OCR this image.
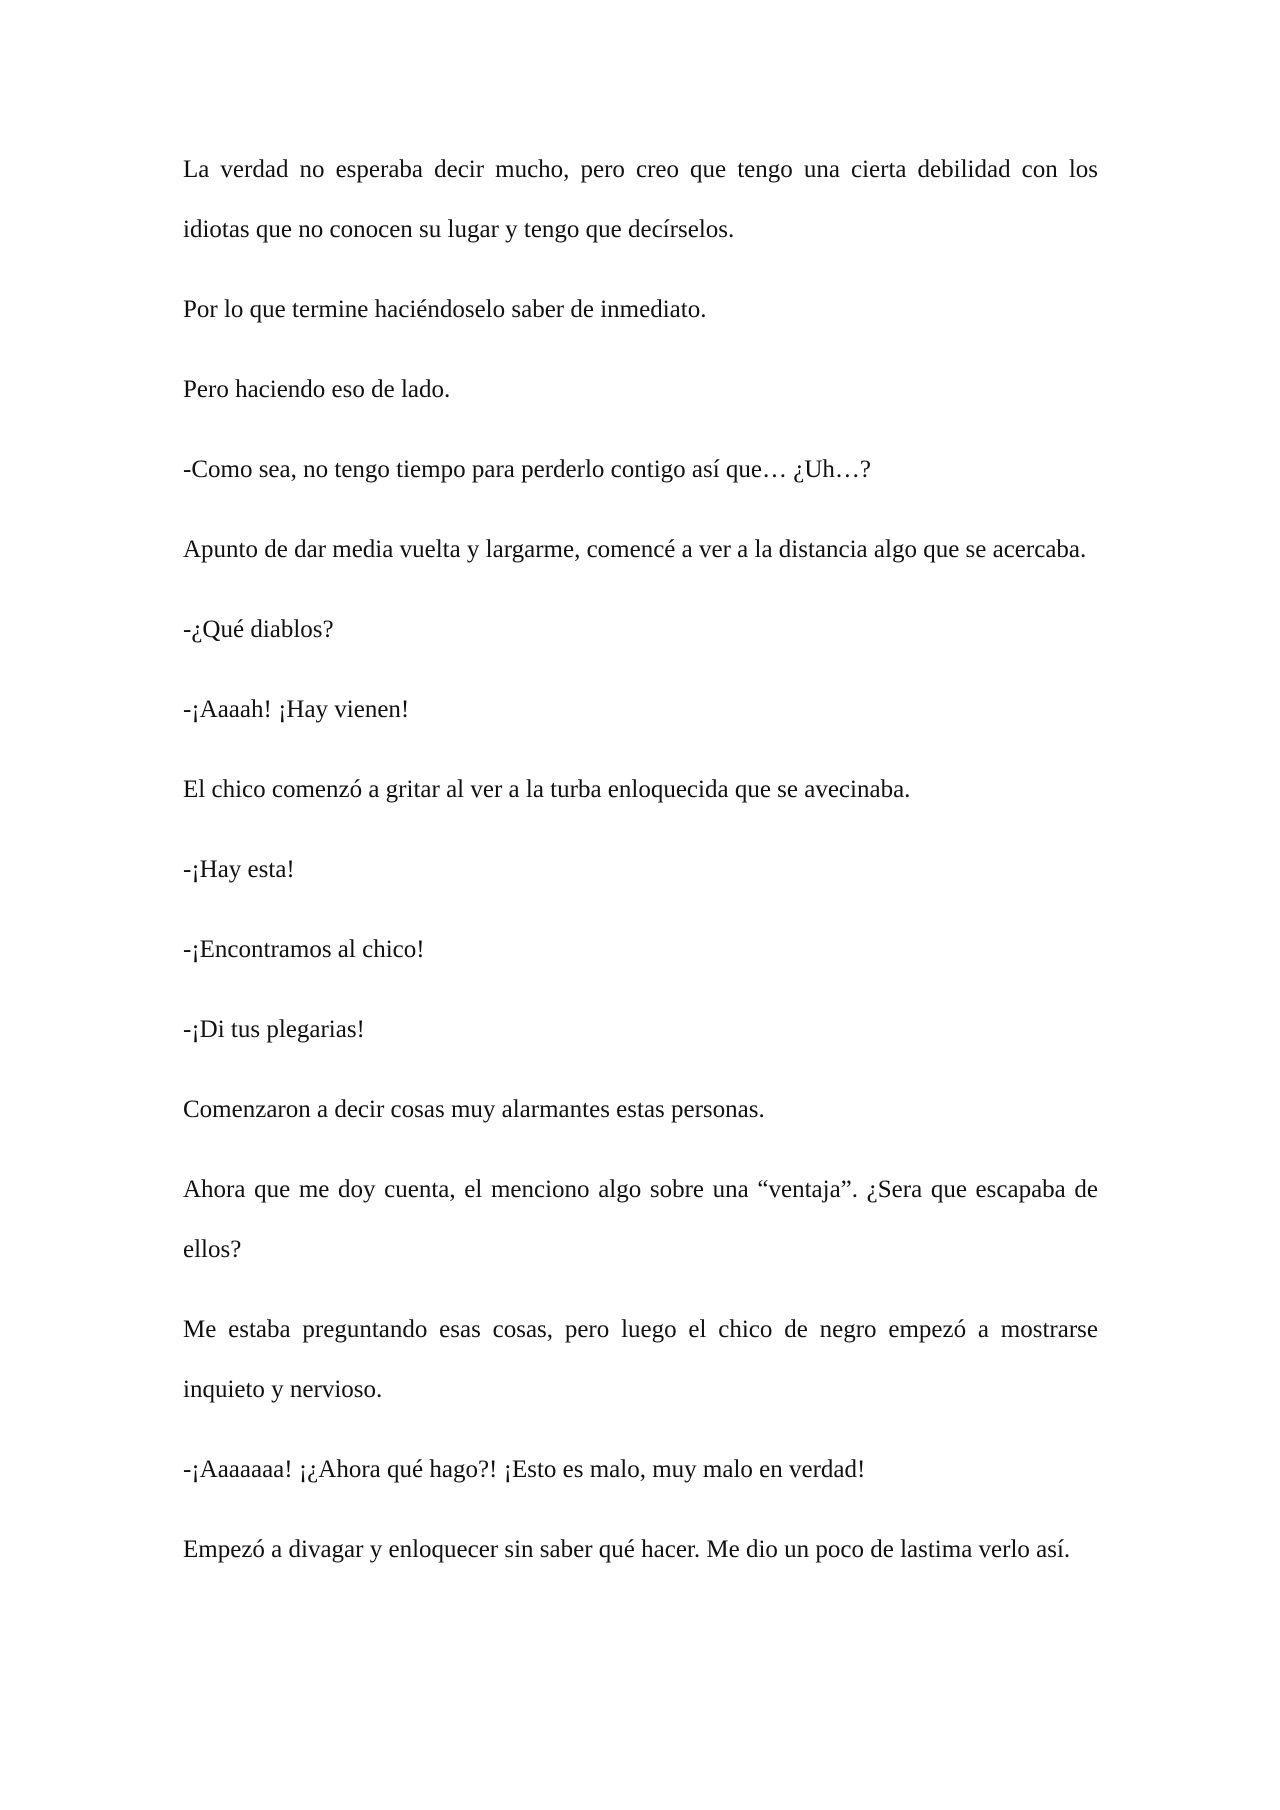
La verdad no esperaba decir mucho, pero creo que tengo una cierta debilidad con los idiotas que no conocen su lugar y tengo que decírselos.

Por lo que termine haciéndoselo saber de inmediato.

Pero haciendo eso de lado.

-Como sea, no tengo tiempo para perderlo contigo así que… ¿Uh…?

Apunto de dar media vuelta y largarme, comencé a ver a la distancia algo que se acercaba.

-¿Qué diablos?

-¡Aaaah! ¡Hay vienen!

El chico comenzó a gritar al ver a la turba enloquecida que se avecinaba.

-¡Hay esta!

-¡Encontramos al chico!

-¡Di tus plegarias!

Comenzaron a decir cosas muy alarmantes estas personas.

Ahora que me doy cuenta, el menciono algo sobre una “ventaja”. ¿Sera que escapaba de ellos?

Me estaba preguntando esas cosas, pero luego el chico de negro empezó a mostrarse inquieto y nervioso.

-¡Aaaaaaa! ¡¿Ahora qué hago?! ¡Esto es malo, muy malo en verdad!

Empezó a divagar y enloquecer sin saber qué hacer. Me dio un poco de lastima verlo así.
